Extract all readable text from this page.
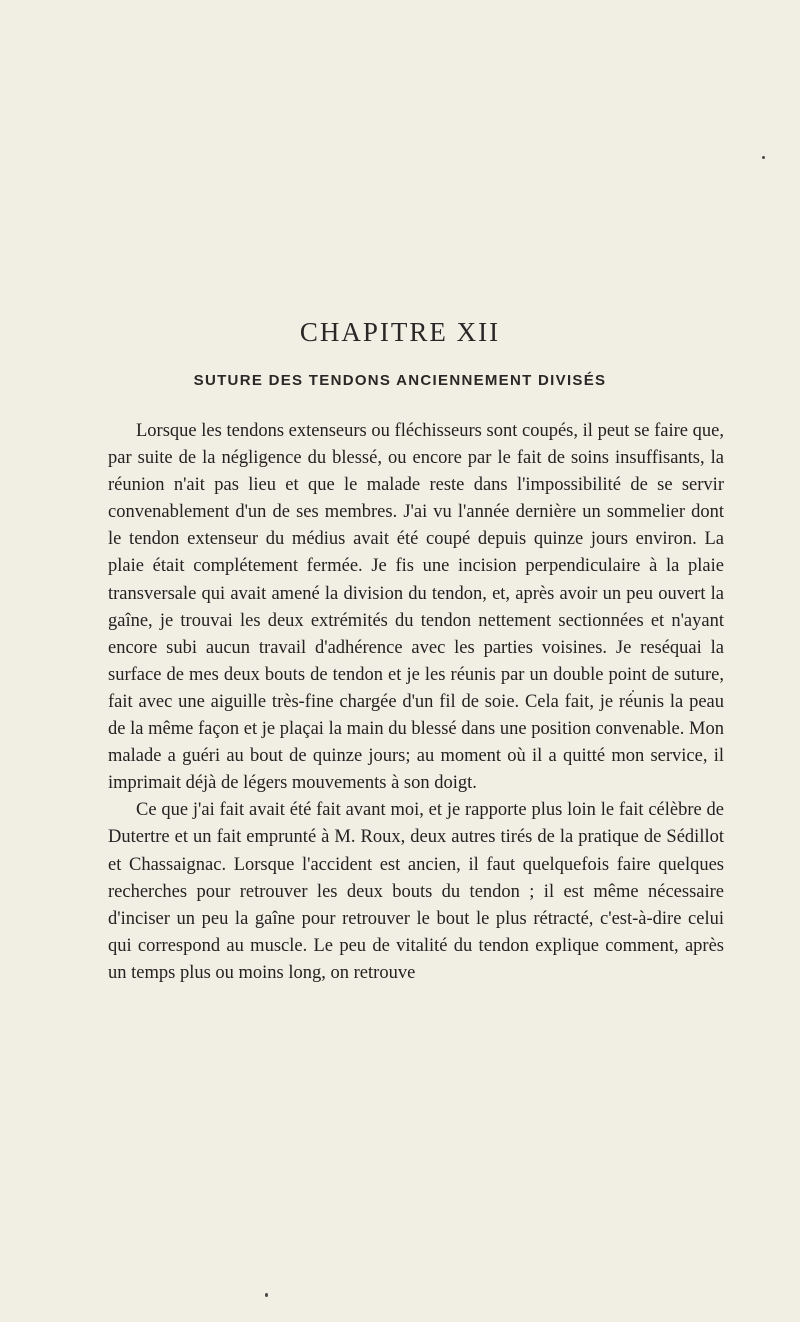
CHAPITRE XII
SUTURE DES TENDONS ANCIENNEMENT DIVISÉS

Lorsque les tendons extenseurs ou fléchisseurs sont coupés, il peut se faire que, par suite de la négligence du blessé, ou encore par le fait de soins insuffisants, la réunion n'ait pas lieu et que le malade reste dans l'impossibilité de se servir convenablement d'un de ses membres. J'ai vu l'année dernière un sommelier dont le tendon extenseur du médius avait été coupé depuis quinze jours environ. La plaie était complétement fermée. Je fis une incision perpendiculaire à la plaie transversale qui avait amené la division du tendon, et, après avoir un peu ouvert la gaîne, je trouvai les deux extrémités du tendon nettement sectionnées et n'ayant encore subi aucun travail d'adhérence avec les parties voisines. Je reséquai la surface de mes deux bouts de tendon et je les réunis par un double point de suture, fait avec une aiguille très-fine chargée d'un fil de soie. Cela fait, je réunis la peau de la même façon et je plaçai la main du blessé dans une position convenable. Mon malade a guéri au bout de quinze jours; au moment où il a quitté mon service, il imprimait déjà de légers mouvements à son doigt.

Ce que j'ai fait avait été fait avant moi, et je rapporte plus loin le fait célèbre de Dutertre et un fait emprunté à M. Roux, deux autres tirés de la pratique de Sédillot et Chassaignac. Lorsque l'accident est ancien, il faut quelquefois faire quelques recherches pour retrouver les deux bouts du tendon ; il est même nécessaire d'inciser un peu la gaîne pour retrouver le bout le plus rétracté, c'est-à-dire celui qui correspond au muscle. Le peu de vitalité du tendon explique comment, après un temps plus ou moins long, on retrouve
